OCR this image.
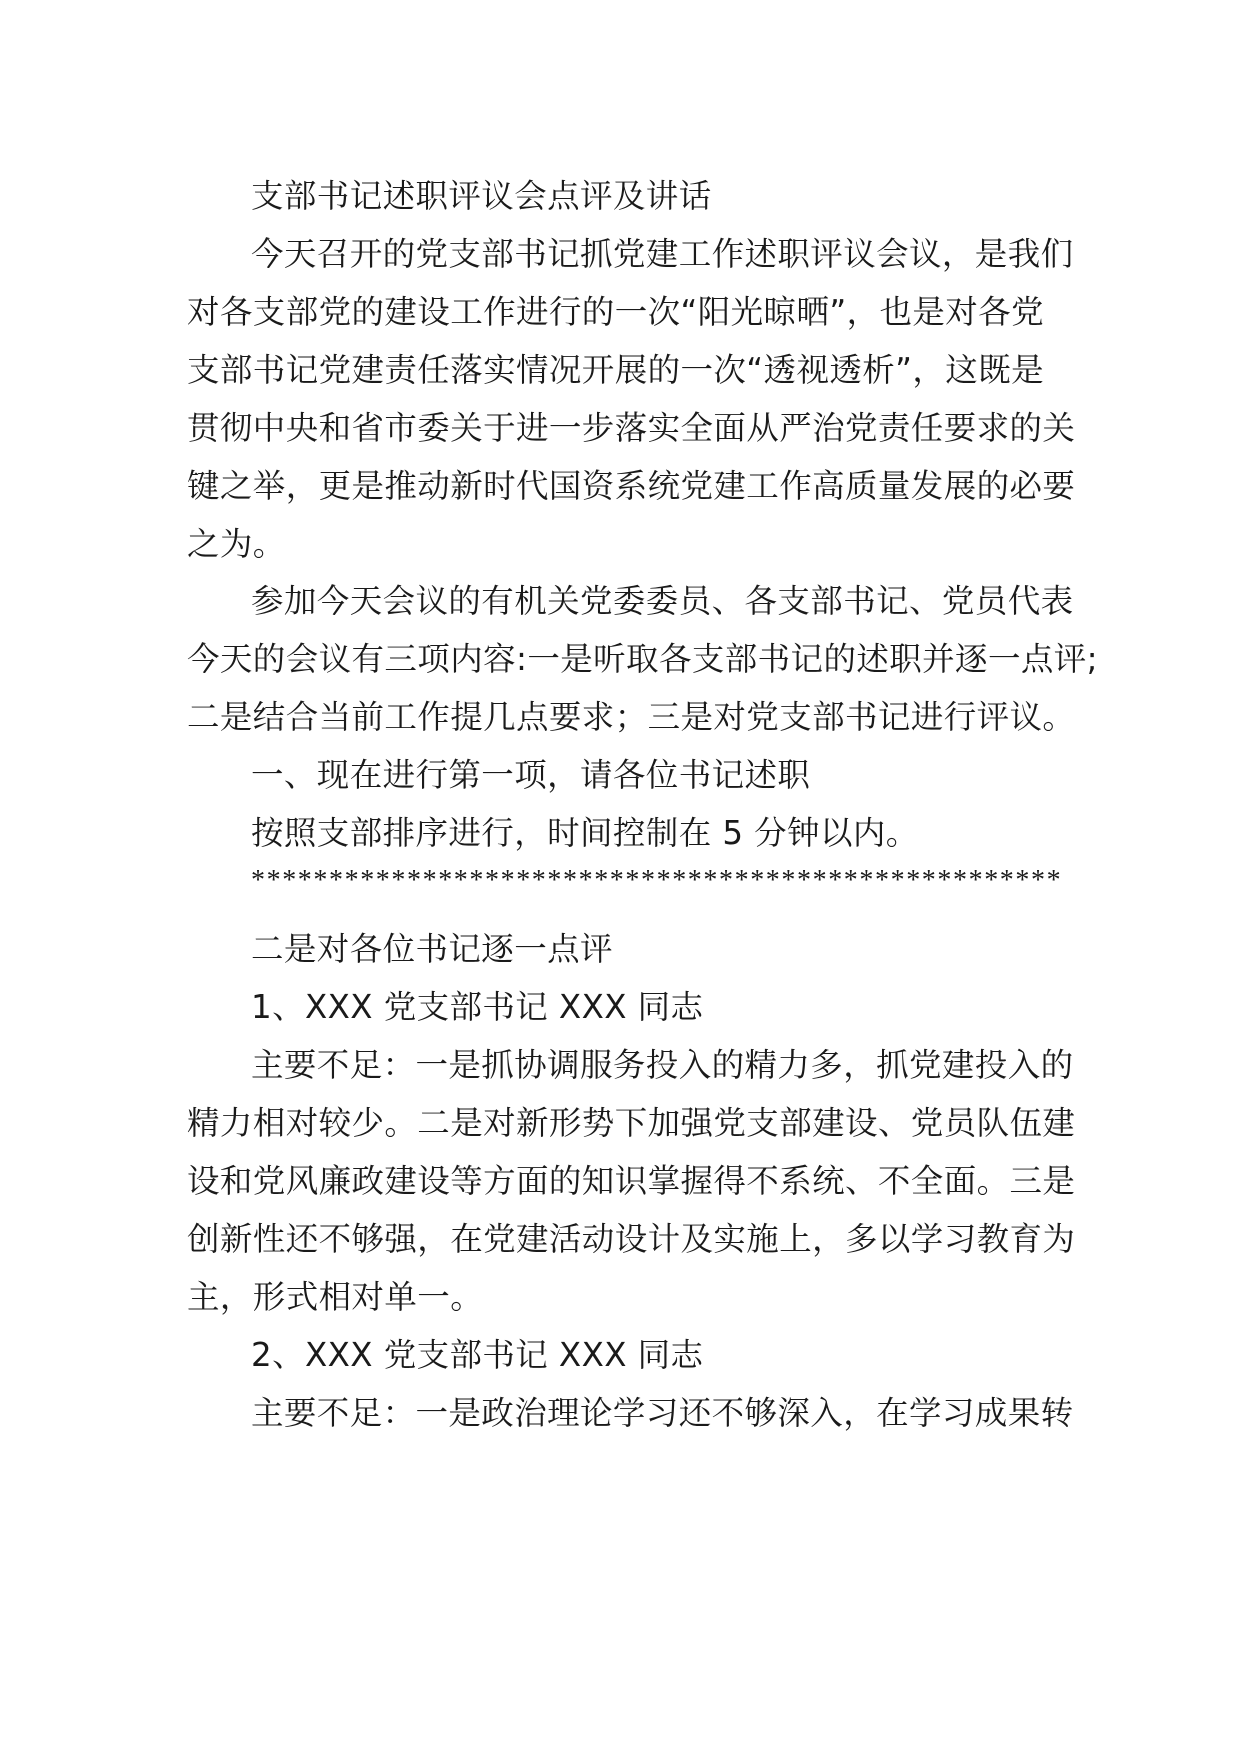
支部书记述职评议会点评及讲话
今天召开的党支部书记抓党建工作述职评议会议，是我们
对各支部党的建设工作进行的一次“阳光晾晒”，也是对各党
支部书记党建责任落实情况开展的一次“透视透析”，这既是
贯彻中央和省市委关于进一步落实全面从严治党责任要求的关
键之举，更是推动新时代国资系统党建工作高质量发展的必要
之为。
参加今天会议的有机关党委委员、各支部书记、党员代表
今天的会议有三项内容:一是听取各支部书记的述职并逐一点评;
二是结合当前工作提几点要求；三是对党支部书记进行评议。
一、现在进行第一项，请各位书记述职
按照支部排序进行，时间控制在 5 分钟以内。
****************************************************
二是对各位书记逐一点评
1、XXX 党支部书记 XXX 同志
主要不足：一是抓协调服务投入的精力多，抓党建投入的
精力相对较少。二是对新形势下加强党支部建设、党员队伍建
设和党风廉政建设等方面的知识掌握得不系统、不全面。三是
创新性还不够强，在党建活动设计及实施上，多以学习教育为
主，形式相对单一。
2、XXX 党支部书记 XXX 同志
主要不足：一是政治理论学习还不够深入，在学习成果转
